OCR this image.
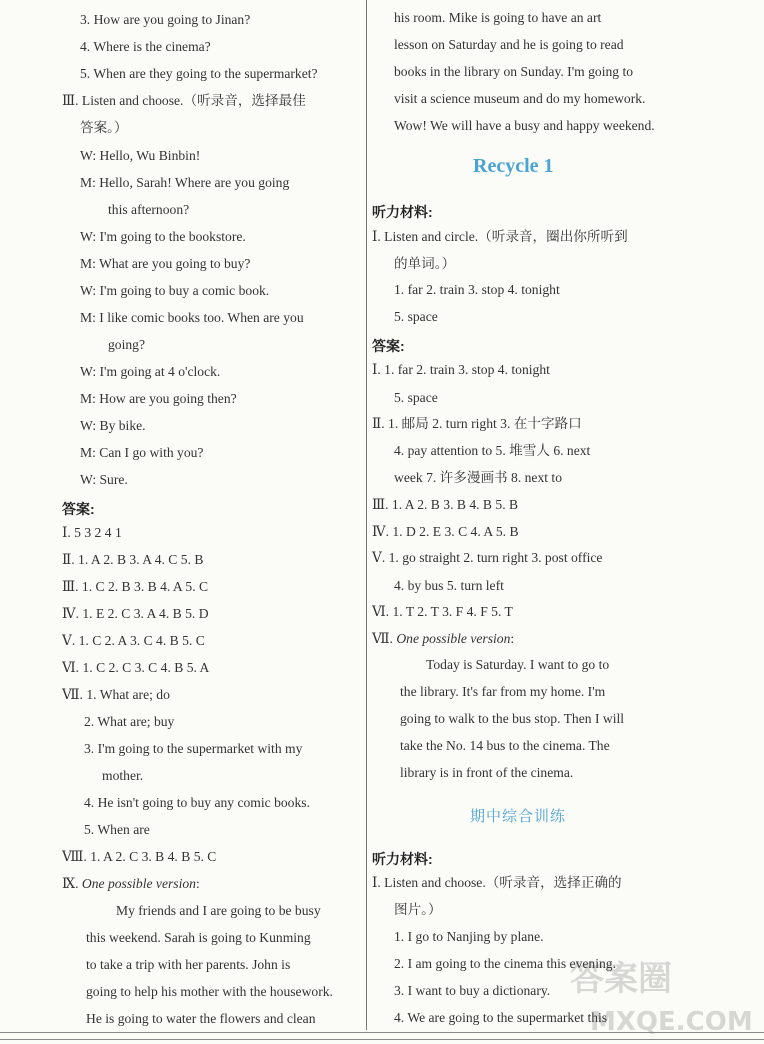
3. How are you going to Jinan?
4. Where is the cinema?
5. When are they going to the supermarket?
Ⅲ. Listen and choose.（听录音，选择最佳
答案。）
W: Hello, Wu Binbin!
M: Hello, Sarah! Where are you going
this afternoon?
W: I'm going to the bookstore.
M: What are you going to buy?
W: I'm going to buy a comic book.
M: I like comic books too. When are you
going?
W: I'm going at 4 o'clock.
M: How are you going then?
W: By bike.
M: Can I go with you?
W: Sure.
Ⅰ. 5 3 2 4 1
Ⅱ. 1. A 2. B 3. A 4. C 5. B
Ⅲ. 1. C 2. B 3. B 4. A 5. C
Ⅳ. 1. E 2. C 3. A 4. B 5. D
Ⅴ. 1. C 2. A 3. C 4. B 5. C
Ⅵ. 1. C 2. C 3. C 4. B 5. A
Ⅶ. 1. What are; do
2. What are; buy
3. I'm going to the supermarket with my
mother.
4. He isn't going to buy any comic books.
5. When are
Ⅷ. 1. A 2. C 3. B 4. B 5. C
Ⅸ. One possible version:
My friends and I are going to be busy
this weekend. Sarah is going to Kunming
to take a trip with her parents. John is
going to help his mother with the housework.
He is going to water the flowers and clean
答案:
his room. Mike is going to have an art
lesson on Saturday and he is going to read
books in the library on Sunday. I'm going to
visit a science museum and do my homework.
Wow! We will have a busy and happy weekend.
Ⅰ. Listen and circle.（听录音，圈出你所听到
的单词。）
1. far 2. train 3. stop 4. tonight
5. space
Ⅰ. 1. far 2. train 3. stop 4. tonight
5. space
Ⅱ. 1. 邮局 2. turn right 3. 在十字路口
4. pay attention to 5. 堆雪人 6. next
week 7. 许多漫画书 8. next to
Ⅲ. 1. A 2. B 3. B 4. B 5. B
Ⅳ. 1. D 2. E 3. C 4. A 5. B
Ⅴ. 1. go straight 2. turn right 3. post office
4. by bus 5. turn left
Ⅵ. 1. T 2. T 3. F 4. F 5. T
Ⅶ. One possible version:
Today is Saturday. I want to go to
the library. It's far from my home. I'm
going to walk to the bus stop. Then I will
take the No. 14 bus to the cinema. The
library is in front of the cinema.
Ⅰ. Listen and choose.（听录音，选择正确的
图片。）
1. I go to Nanjing by plane.
2. I am going to the cinema this evening.
3. I want to buy a dictionary.
4. We are going to the supermarket this
Recycle 1
听力材料:
答案:
期中综合训练
听力材料:
答案圈
MXQE.COM
